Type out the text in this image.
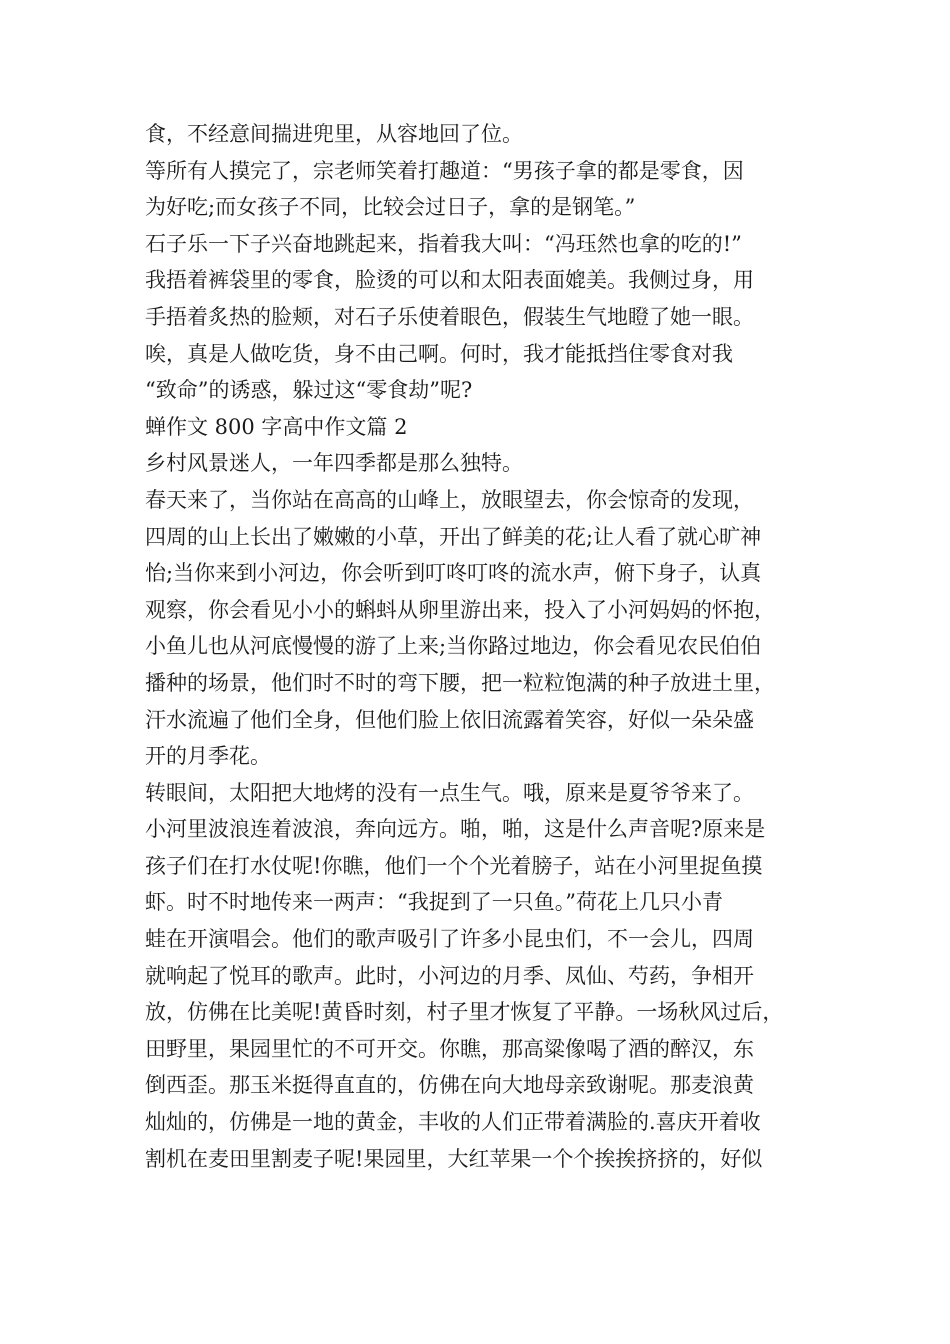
食，不经意间揣进兜里，从容地回了位。
等所有人摸完了，宗老师笑着打趣道：“男孩子拿的都是零食，因
为好吃;而女孩子不同，比较会过日子，拿的是钢笔。”
石子乐一下子兴奋地跳起来，指着我大叫：“冯珏然也拿的吃的!”
我捂着裤袋里的零食，脸烫的可以和太阳表面媲美。我侧过身，用
手捂着炙热的脸颊，对石子乐使着眼色，假装生气地瞪了她一眼。
唉，真是人做吃货，身不由己啊。何时，我才能抵挡住零食对我
“致命”的诱惑，躲过这“零食劫”呢?
蝉作文 800 字高中作文篇 2
乡村风景迷人，一年四季都是那么独特。
春天来了，当你站在高高的山峰上，放眼望去，你会惊奇的发现，
四周的山上长出了嫩嫩的小草，开出了鲜美的花;让人看了就心旷神
怡;当你来到小河边，你会听到叮咚叮咚的流水声，俯下身子，认真
观察，你会看见小小的蝌蚪从卵里游出来，投入了小河妈妈的怀抱，
小鱼儿也从河底慢慢的游了上来;当你路过地边，你会看见农民伯伯
播种的场景，他们时不时的弯下腰，把一粒粒饱满的种子放进土里，
汗水流遍了他们全身，但他们脸上依旧流露着笑容，好似一朵朵盛
开的月季花。
转眼间，太阳把大地烤的没有一点生气。哦，原来是夏爷爷来了。
小河里波浪连着波浪，奔向远方。啪，啪，这是什么声音呢?原来是
孩子们在打水仗呢!你瞧，他们一个个光着膀子，站在小河里捉鱼摸
虾。时不时地传来一两声：“我捉到了一只鱼。”荷花上几只小青
蛙在开演唱会。他们的歌声吸引了许多小昆虫们，不一会儿，四周
就响起了悦耳的歌声。此时，小河边的月季、凤仙、芍药，争相开
放，仿佛在比美呢!黄昏时刻，村子里才恢复了平静。一场秋风过后，
田野里，果园里忙的不可开交。你瞧，那高粱像喝了酒的醉汉，东
倒西歪。那玉米挺得直直的，仿佛在向大地母亲致谢呢。那麦浪黄
灿灿的，仿佛是一地的黄金，丰收的人们正带着满脸的.喜庆开着收
割机在麦田里割麦子呢!果园里，大红苹果一个个挨挨挤挤的，好似
